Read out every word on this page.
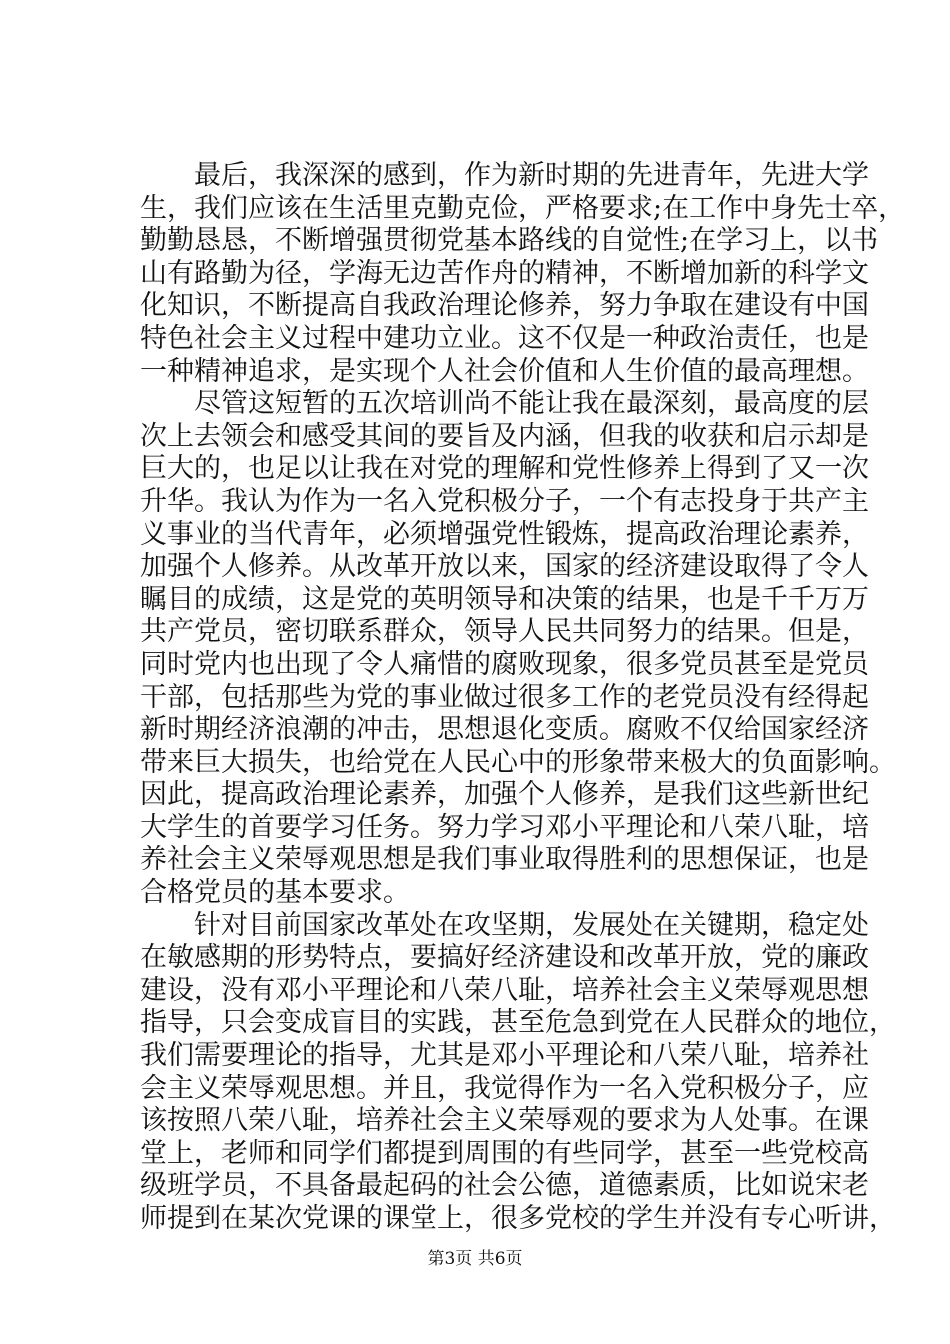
最后，我深深的感到，作为新时期的先进青年，先进大学
生，我们应该在生活里克勤克俭，严格要求;在工作中身先士卒，
勤勤恳恳，不断增强贯彻党基本路线的自觉性;在学习上，以书
山有路勤为径，学海无边苦作舟的精神，不断增加新的科学文
化知识，不断提高自我政治理论修养，努力争取在建设有中国
特色社会主义过程中建功立业。这不仅是一种政治责任，也是
一种精神追求，是实现个人社会价值和人生价值的最高理想。
尽管这短暂的五次培训尚不能让我在最深刻，最高度的层
次上去领会和感受其间的要旨及内涵，但我的收获和启示却是
巨大的，也足以让我在对党的理解和党性修养上得到了又一次
升华。我认为作为一名入党积极分子，一个有志投身于共产主
义事业的当代青年，必须增强党性锻炼，提高政治理论素养，
加强个人修养。从改革开放以来，国家的经济建设取得了令人
瞩目的成绩，这是党的英明领导和决策的结果，也是千千万万
共产党员，密切联系群众，领导人民共同努力的结果。但是，
同时党内也出现了令人痛惜的腐败现象，很多党员甚至是党员
干部，包括那些为党的事业做过很多工作的老党员没有经得起
新时期经济浪潮的冲击，思想退化变质。腐败不仅给国家经济
带来巨大损失，也给党在人民心中的形象带来极大的负面影响。
因此，提高政治理论素养，加强个人修养，是我们这些新世纪
大学生的首要学习任务。努力学习邓小平理论和八荣八耻，培
养社会主义荣辱观思想是我们事业取得胜利的思想保证，也是
合格党员的基本要求。
针对目前国家改革处在攻坚期，发展处在关键期，稳定处
在敏感期的形势特点，要搞好经济建设和改革开放，党的廉政
建设，没有邓小平理论和八荣八耻，培养社会主义荣辱观思想
指导，只会变成盲目的实践，甚至危急到党在人民群众的地位，
我们需要理论的指导，尤其是邓小平理论和八荣八耻，培养社
会主义荣辱观思想。并且，我觉得作为一名入党积极分子，应
该按照八荣八耻，培养社会主义荣辱观的要求为人处事。在课
堂上，老师和同学们都提到周围的有些同学，甚至一些党校高
级班学员，不具备最起码的社会公德，道德素质，比如说宋老
师提到在某次党课的课堂上，很多党校的学生并没有专心听讲，
第3页 共6页
